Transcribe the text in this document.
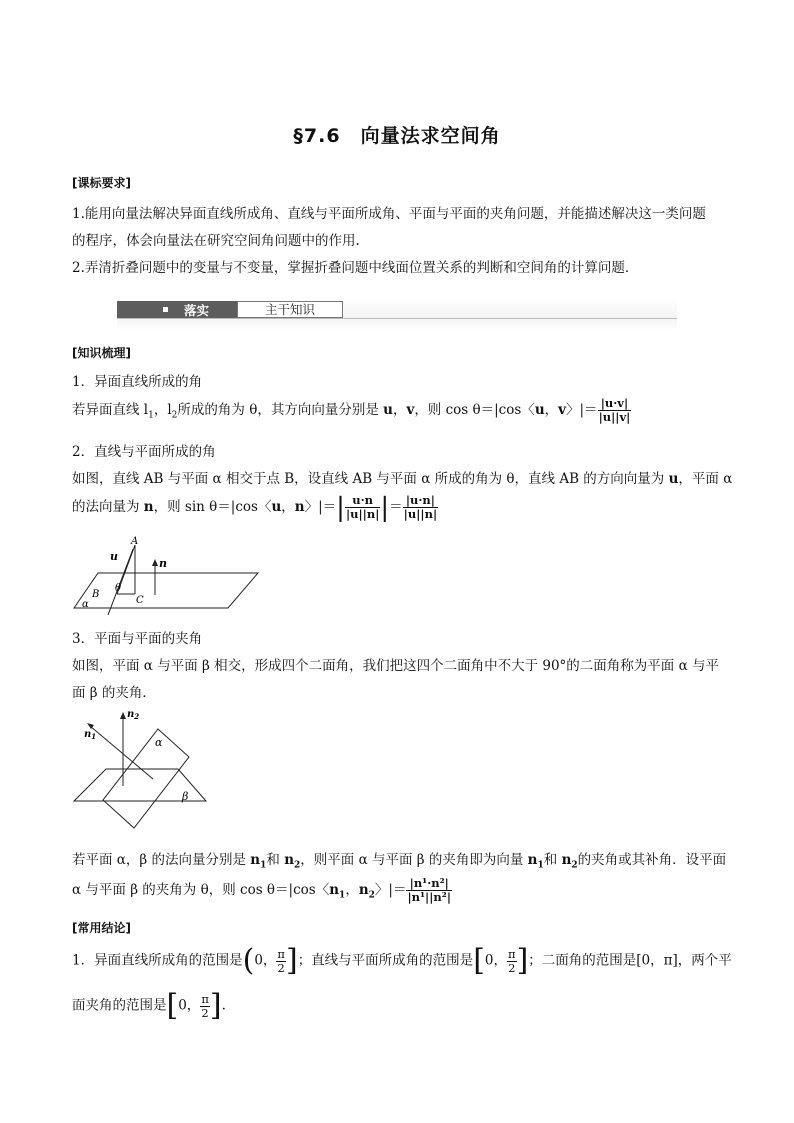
§7.6　向量法求空间角
[课标要求]
1.能用向量法解决异面直线所成角、直线与平面所成角、平面与平面的夹角问题，并能描述解决这一类问题
的程序，体会向量法在研究空间角问题中的作用.
2.弄清折叠问题中的变量与不变量，掌握折叠问题中线面位置关系的判断和空间角的计算问题．
落实	主干知识
[知识梳理]
1．异面直线所成的角
若异面直线 $l_1$，$l_2$所成的角为 θ，其方向向量分别是 u，v，则 cos θ＝|cos〈u，v〉|＝ $\frac{|u\cdot v|}{|u||v|}$
2．直线与平面所成的角
如图，直线 AB 与平面 α 相交于点 B，设直线 AB 与平面 α 所成的角为 θ，直线 AB 的方向向量为 u，平面 α
的法向量为 n，则 sin θ＝|cos〈u，n〉|＝| $\frac{u\cdot n}{|u||n|}$ |＝ $\frac{|u\cdot n|}{|u||n|}$
A
u
n
θ
B
C
α
3．平面与平面的夹角
如图，平面 α 与平面 β 相交，形成四个二面角，我们把这四个二面角中不大于 90°的二面角称为平面 α 与平
面 β 的夹角．
$n_2$
$n_1$	α
β
若平面 α，β 的法向量分别是 $n_1$和 $n_2$，则平面 α 与平面 β 的夹角即为向量 $n_1$和 $n_2$的夹角或其补角．设平面
α 与平面 β 的夹角为 θ，则 cos θ＝|cos〈$n_1$，$n_2$〉|＝ $\frac{\text{|n¹·n²|}}{\text{|n¹||n²|}}$
[常用结论]
1．异面直线所成角的范围是(0， $\frac{\pi}{2}$ ]；直线与平面所成角的范围是[0， $\frac{\pi}{2}$ ]；二面角的范围是[0，π]，两个平
面夹角的范围是[0， $\frac{\pi}{2}$ ].
